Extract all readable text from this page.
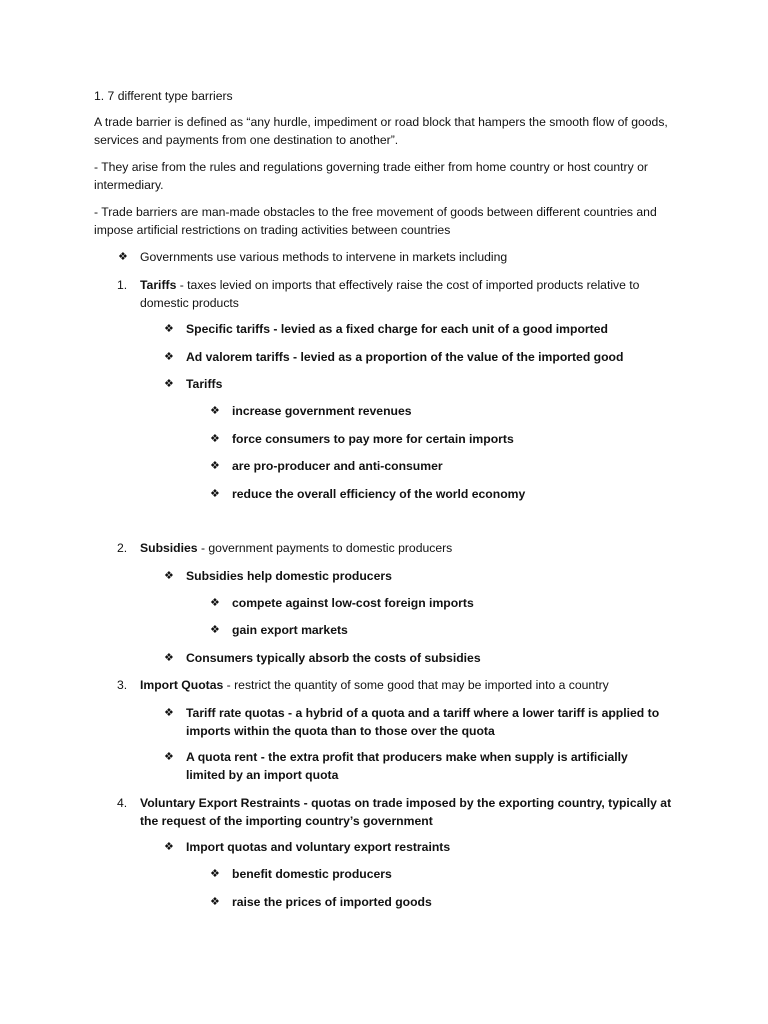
1. 7 different type barriers
A trade barrier is defined as “any hurdle, impediment or road block that hampers the smooth flow of goods, services and payments from one destination to another”.
- They arise from the rules and regulations governing trade either from home country or host country or intermediary.
- Trade barriers are man-made obstacles to the free movement of goods between different countries and impose artificial restrictions on trading activities between countries
❖ Governments use various methods to intervene in markets including
1. Tariffs - taxes levied on imports that effectively raise the cost of imported products relative to domestic products
❖ Specific tariffs - levied as a fixed charge for each unit of a good imported
❖ Ad valorem tariffs - levied as a proportion of the value of the imported good
❖ Tariffs
❖ increase government revenues
❖ force consumers to pay more for certain imports
❖ are pro-producer and anti-consumer
❖ reduce the overall efficiency of the world economy
2. Subsidies - government payments to domestic producers
❖ Subsidies help domestic producers
❖ compete against low-cost foreign imports
❖ gain export markets
❖ Consumers typically absorb the costs of subsidies
3. Import Quotas - restrict the quantity of some good that may be imported into a country
❖ Tariff rate quotas - a hybrid of a quota and a tariff where a lower tariff is applied to imports within the quota than to those over the quota
❖ A quota rent - the extra profit that producers make when supply is artificially limited by an import quota
4. Voluntary Export Restraints - quotas on trade imposed by the exporting country, typically at the request of the importing country’s government
❖ Import quotas and voluntary export restraints
❖ benefit domestic producers
❖ raise the prices of imported goods
